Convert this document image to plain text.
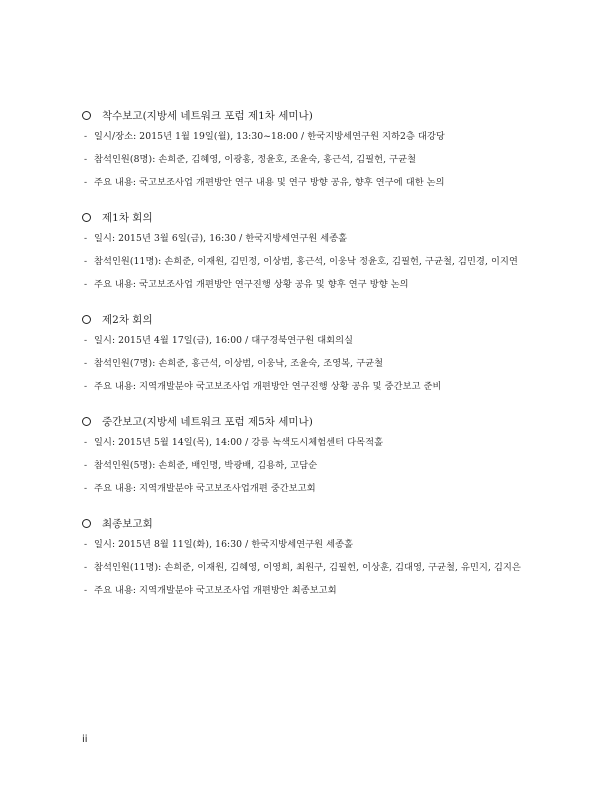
착수보고(지방세 네트워크 포럼 제1차 세미나)
- 일시/장소: 2015년 1월 19일(월), 13:30~18:00 / 한국지방세연구원 지하2층 대강당
- 참석인원(8명): 손희준, 김혜영, 이광홍, 정윤호, 조윤숙, 홍근석, 김필헌, 구균철
- 주요 내용: 국고보조사업 개편방안 연구 내용 및 연구 방향 공유, 향후 연구에 대한 논의
제1차 회의
- 일시: 2015년 3월 6일(금), 16:30 / 한국지방세연구원 세종홀
- 참석인원(11명): 손희준, 이재원, 김민정, 이상범, 홍근석, 이웅낙 정윤호, 김필헌, 구균철, 김민경, 이지연
- 주요 내용: 국고보조사업 개편방안 연구진행 상황 공유 및 향후 연구 방향 논의
제2차 회의
- 일시: 2015년 4월 17일(금), 16:00 / 대구경북연구원 대회의실
- 참석인원(7명): 손희준, 홍근석, 이상범, 이웅낙, 조윤숙, 조영복, 구균철
- 주요 내용: 지역개발분야 국고보조사업 개편방안 연구진행 상황 공유 및 중간보고 준비
중간보고(지방세 네트워크 포럼 제5차 세미나)
- 일시: 2015년 5월 14일(목), 14:00 / 강릉 녹색도시체험센터 다목적홀
- 참석인원(5명): 손희준, 배인명, 박광배, 김용하, 고담순
- 주요 내용: 지역개발분야 국고보조사업개편 중간보고회
최종보고회
- 일시: 2015년 8월 11일(화), 16:30 / 한국지방세연구원 세종홀
- 참석인원(11명): 손희준, 이재원, 김혜영, 이영희, 최원구, 김필헌, 이상훈, 김대영, 구균철, 유민지, 김지은
- 주요 내용: 지역개발분야 국고보조사업 개편방안 최종보고회
ii
